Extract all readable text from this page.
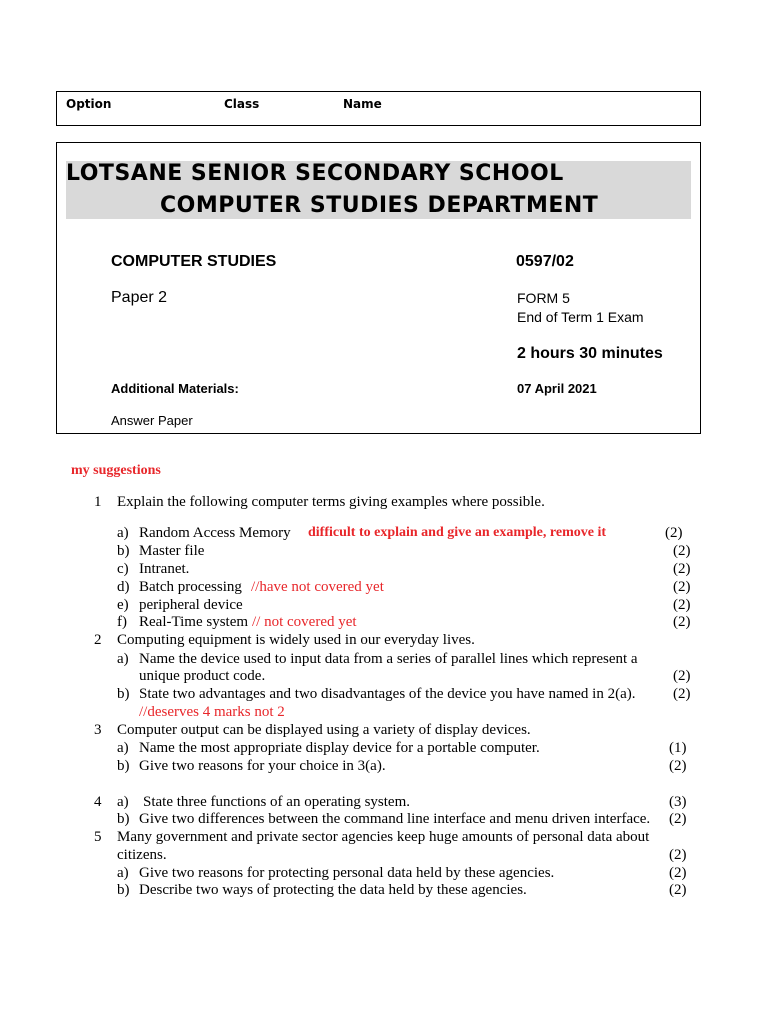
Option	Class	Name
LOTSANE SENIOR SECONDARY SCHOOL
COMPUTER STUDIES DEPARTMENT
COMPUTER STUDIES	0597/02
Paper 2	FORM 5
End of Term 1 Exam
2 hours 30 minutes
Additional Materials:	07 April 2021
Answer Paper
my suggestions
1 Explain the following computer terms giving examples where possible.
a) Random Access Memory difficult to explain and give an example, remove it	(2)
b) Master file	(2)
c) Intranet.	(2)
d) Batch processing //have not covered yet	(2)
e) peripheral device	(2)
f) Real-Time system // not covered yet	(2)
2 Computing equipment is widely used in our everyday lives.
a) Name the device used to input data from a series of parallel lines which represent a
unique product code.	(2)
b) State two advantages and two disadvantages of the device you have named in 2(a). (2)
//deserves 4 marks not 2
3 Computer output can be displayed using a variety of display devices.
a) Name the most appropriate display device for a portable computer.	(1)
b) Give two reasons for your choice in 3(a).	(2)
4 a) State three functions of an operating system.	(3)
b) Give two differences between the command line interface and menu driven interface. (2)
5 Many government and private sector agencies keep huge amounts of personal data about
citizens.	(2)
a) Give two reasons for protecting personal data held by these agencies.	(2)
b) Describe two ways of protecting the data held by these agencies.	(2)
